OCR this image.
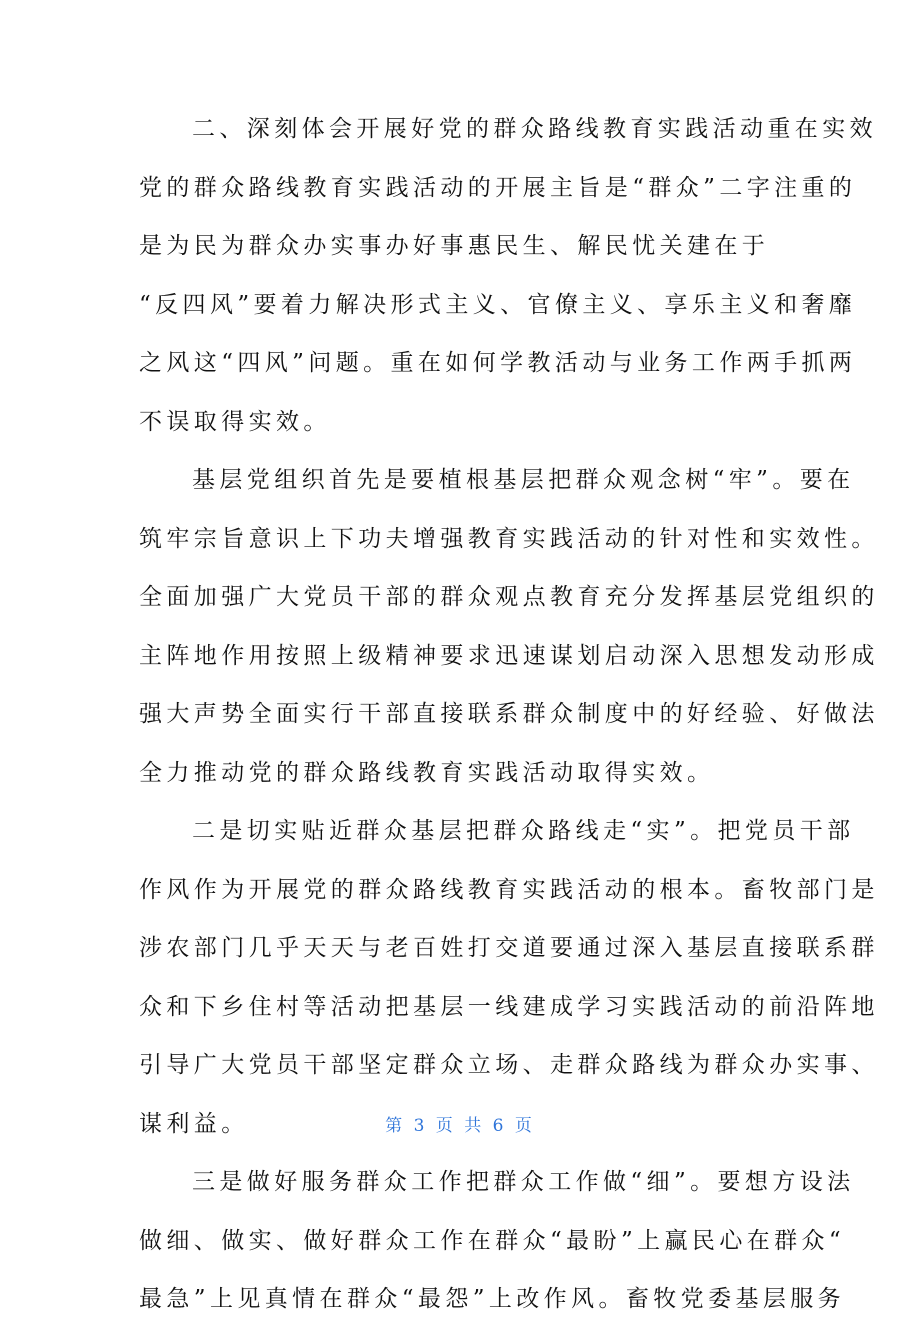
二、深刻体会开展好党的群众路线教育实践活动重在实效
党的群众路线教育实践活动的开展主旨是“群众”二字注重的
是为民为群众办实事办好事惠民生、解民忧关建在于
“反四风”要着力解决形式主义、官僚主义、享乐主义和奢靡
之风这“四风”问题。重在如何学教活动与业务工作两手抓两
不误取得实效。
基层党组织首先是要植根基层把群众观念树“牢”。要在
筑牢宗旨意识上下功夫增强教育实践活动的针对性和实效性。
全面加强广大党员干部的群众观点教育充分发挥基层党组织的
主阵地作用按照上级精神要求迅速谋划启动深入思想发动形成
强大声势全面实行干部直接联系群众制度中的好经验、好做法
全力推动党的群众路线教育实践活动取得实效。
二是切实贴近群众基层把群众路线走“实”。把党员干部
作风作为开展党的群众路线教育实践活动的根本。畜牧部门是
涉农部门几乎天天与老百姓打交道要通过深入基层直接联系群
众和下乡住村等活动把基层一线建成学习实践活动的前沿阵地
引导广大党员干部坚定群众立场、走群众路线为群众办实事、
谋利益。
三是做好服务群众工作把群众工作做“细”。要想方设法
做细、做实、做好群众工作在群众“最盼”上赢民心在群众“
最急”上见真情在群众“最怨”上改作风。畜牧党委基层服务
第 3 页 共 6 页
